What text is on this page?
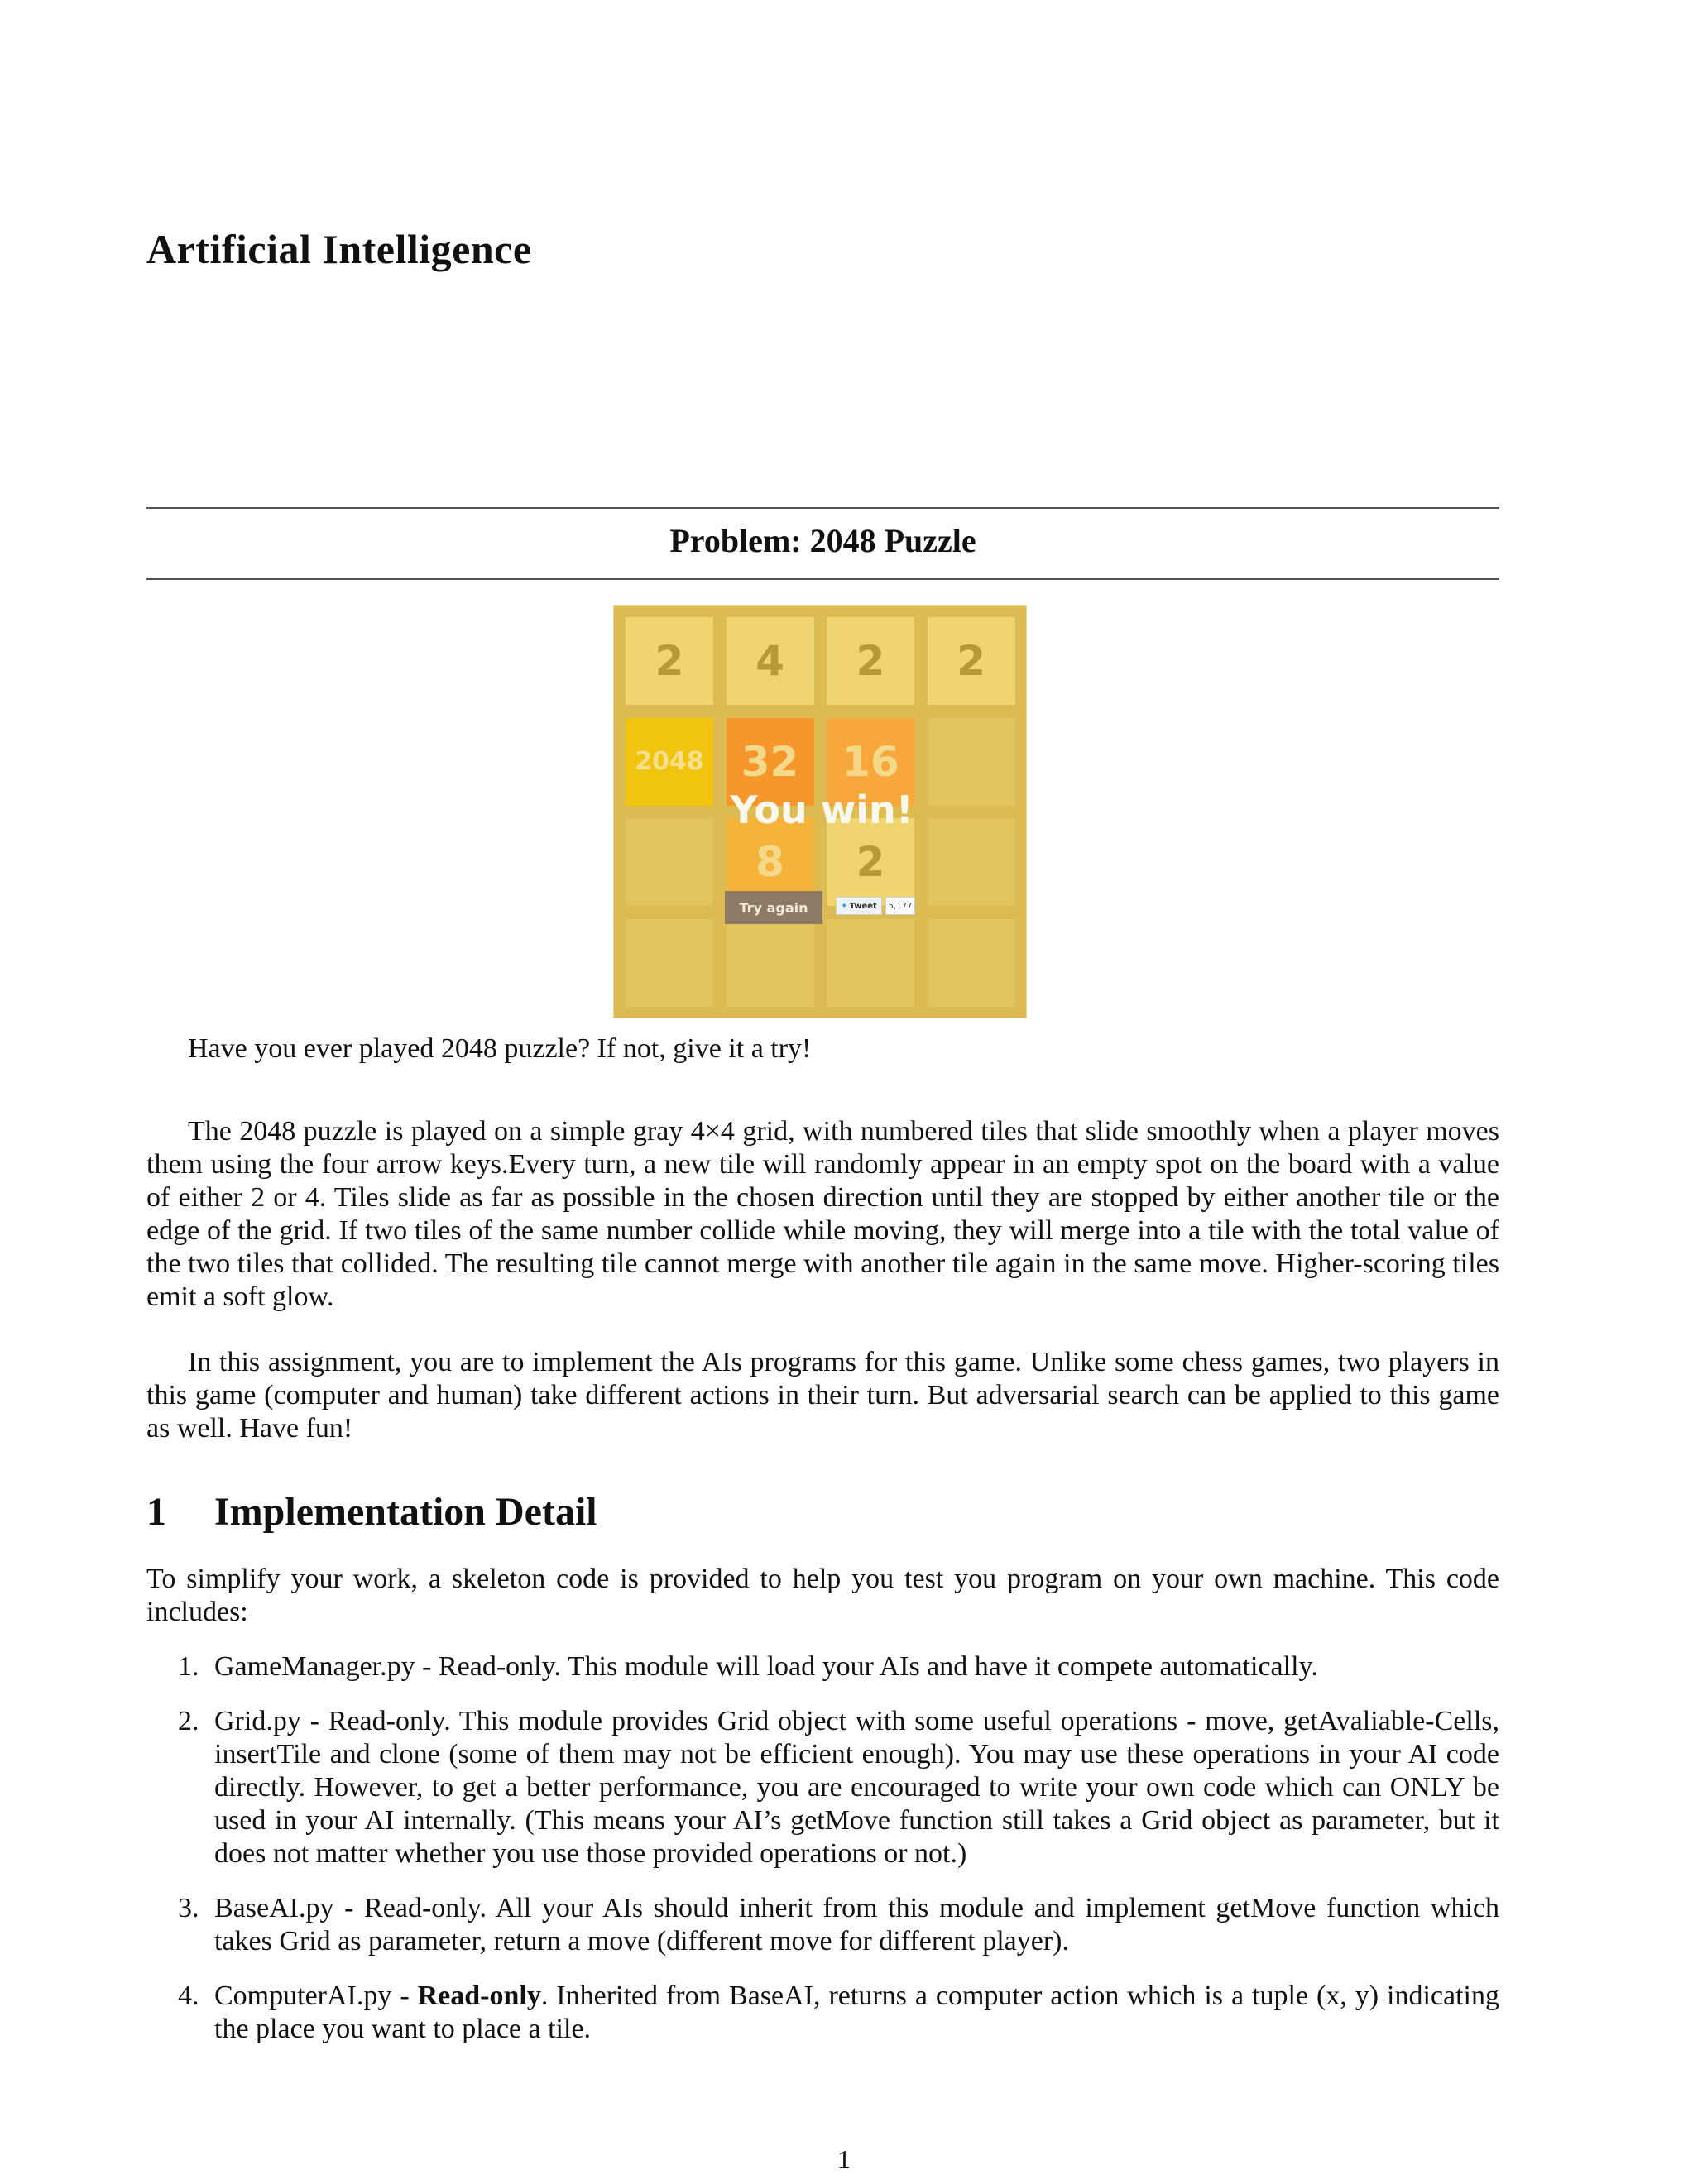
Artificial Intelligence
Problem: 2048 Puzzle
2	4	2	2
2048 32	16
8	2
You win!
Try again	✦ Tweet	5,177
Have you ever played 2048 puzzle? If not, give it a try!
The 2048 puzzle is played on a simple gray 4×4 grid, with numbered tiles that slide smoothly when a player moves them using the four arrow keys.Every turn, a new tile will randomly appear in an empty spot on the board with a value of either 2 or 4. Tiles slide as far as possible in the chosen direction until they are stopped by either another tile or the edge of the grid. If two tiles of the same number collide while moving, they will merge into a tile with the total value of the two tiles that collided. The resulting tile cannot merge with another tile again in the same move. Higher-scoring tiles emit a soft glow.
In this assignment, you are to implement the AIs programs for this game. Unlike some chess games, two players in this game (computer and human) take different actions in their turn. But adversarial search can be applied to this game as well. Have fun!
1 Implementation Detail
To simplify your work, a skeleton code is provided to help you test you program on your own machine. This code includes:
1. GameManager.py - Read-only. This module will load your AIs and have it compete automatically.
2. Grid.py - Read-only. This module provides Grid object with some useful operations - move, getAvaliable-Cells, insertTile and clone (some of them may not be efficient enough). You may use these operations in your AI code directly. However, to get a better performance, you are encouraged to write your own code which can ONLY be used in your AI internally. (This means your AI’s getMove function still takes a Grid object as parameter, but it does not matter whether you use those provided operations or not.)
3. BaseAI.py - Read-only. All your AIs should inherit from this module and implement getMove function which takes Grid as parameter, return a move (different move for different player).
4. ComputerAI.py - Read-only. Inherited from BaseAI, returns a computer action which is a tuple (x, y) indicating the place you want to place a tile.
1
